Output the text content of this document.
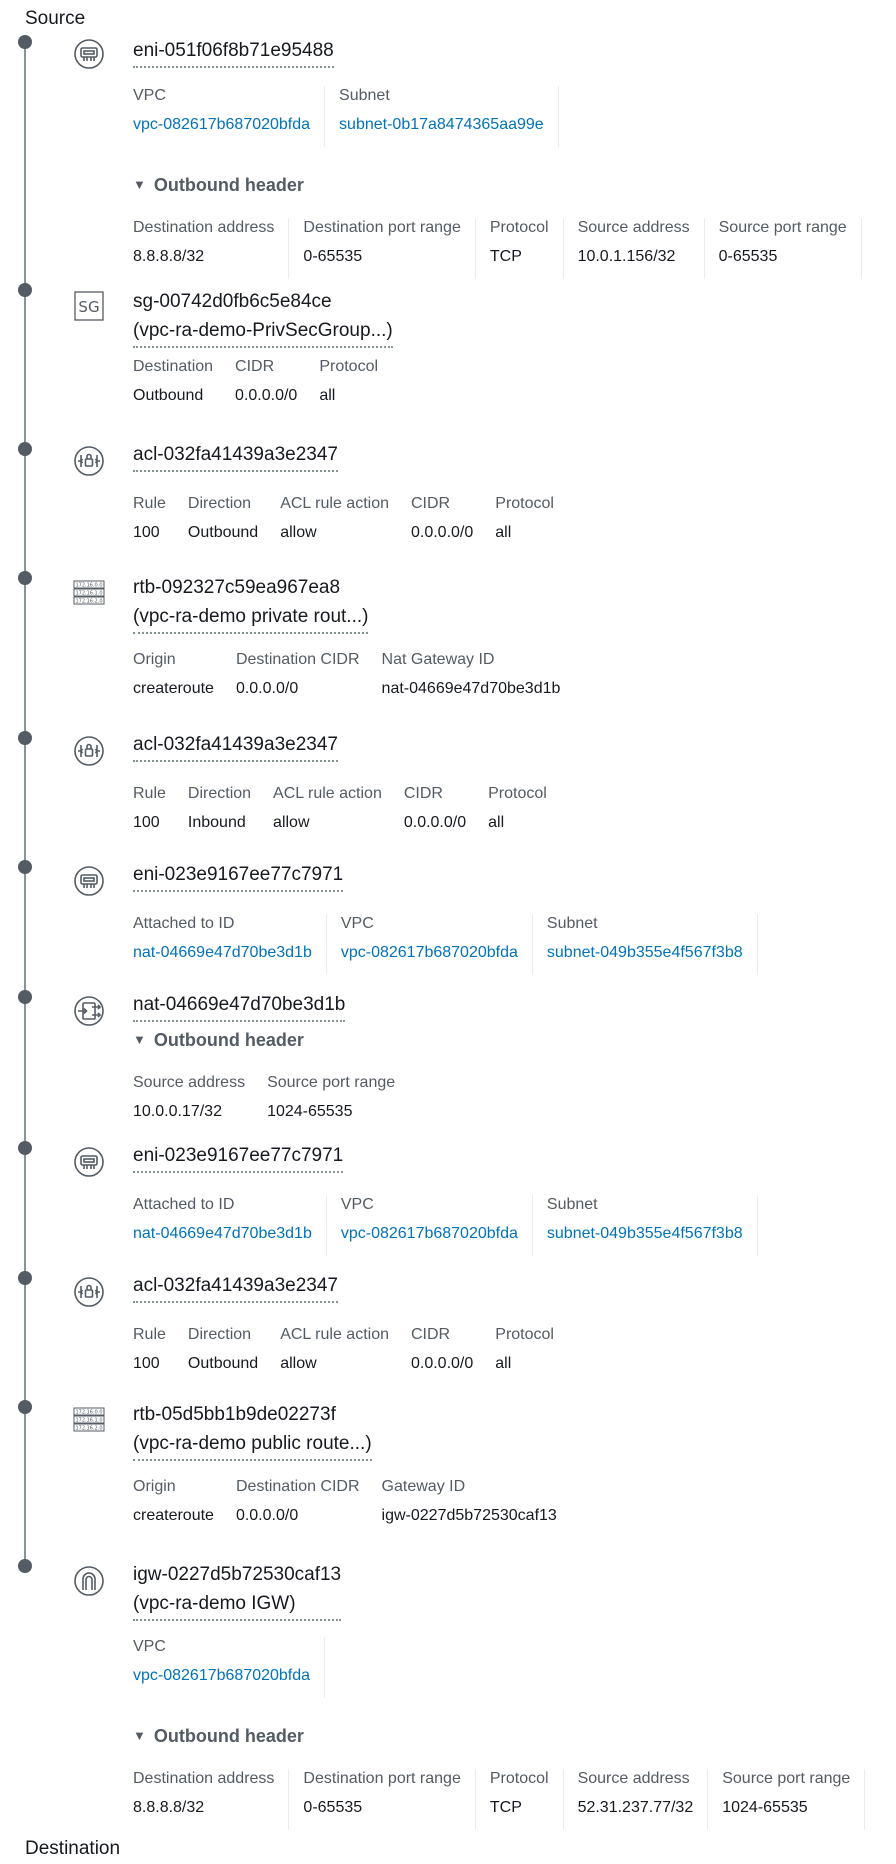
Source
Destination
eni-051f06f8b71e95488
VPC
vpc-082617b687020bfda
Subnet
subnet-0b17a8474365aa99e
▼ Outbound header
Destination address
8.8.8.8/32
Destination port range
0-65535
Protocol
TCP
Source address
10.0.1.156/32
Source port range
0-65535
SG sg-00742d0fb6c5e84ce
(vpc-ra-demo-PrivSecGroup...)
Destination
Outbound
CIDR
0.0.0.0/0
Protocol
all
acl-032fa41439a3e2347
Rule
100
Direction
Outbound
ACL rule action
allow
CIDR
0.0.0.0/0
Protocol
all
172.16.0.0
172.16.1.0
172.16.2.0
rtb-092327c59ea967ea8
(vpc-ra-demo private rout...)
Origin
createroute
Destination CIDR
0.0.0.0/0
Nat Gateway ID
nat-04669e47d70be3d1b
acl-032fa41439a3e2347
Rule
100
Direction
Inbound
ACL rule action
allow
CIDR
0.0.0.0/0
Protocol
all
eni-023e9167ee77c7971
Attached to ID
nat-04669e47d70be3d1b
VPC
vpc-082617b687020bfda
Subnet
subnet-049b355e4f567f3b8
nat-04669e47d70be3d1b
▼ Outbound header
Source address
10.0.0.17/32
Source port range
1024-65535
eni-023e9167ee77c7971
Attached to ID
nat-04669e47d70be3d1b
VPC
vpc-082617b687020bfda
Subnet
subnet-049b355e4f567f3b8
acl-032fa41439a3e2347
Rule
100
Direction
Outbound
ACL rule action
allow
CIDR
0.0.0.0/0
Protocol
all
172.16.0.0
172.16.1.0
172.16.2.0
rtb-05d5bb1b9de02273f
(vpc-ra-demo public route...)
Origin
createroute
Destination CIDR
0.0.0.0/0
Gateway ID
igw-0227d5b72530caf13
igw-0227d5b72530caf13
(vpc-ra-demo IGW)
VPC
vpc-082617b687020bfda
▼ Outbound header
Destination address
8.8.8.8/32
Destination port range
0-65535
Protocol
TCP
Source address
52.31.237.77/32
Source port range
1024-65535
